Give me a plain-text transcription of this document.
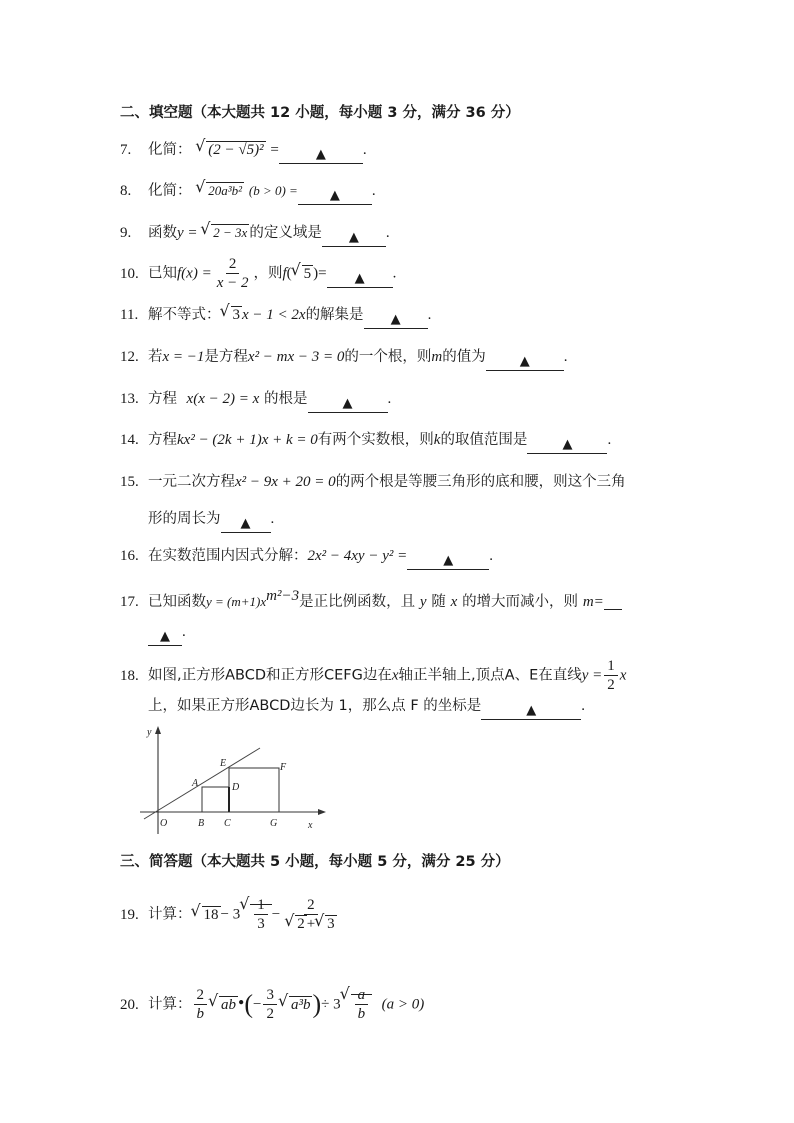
二、填空题（本大题共 12 小题，每小题 3 分，满分 36 分）
7. 化简： √ (2 − √5)² =	▲ .
8. 化简： √ 20a³b² (b > 0) = ▲ .
9. 函数y = √ 2 − 3x 的定义域是 ▲ .
10. 已知$f(x) = \frac{2}{x - 2}$ ，则f( √ 5 )= ▲ .
11. 解不等式： √ 3 x − 1 < 2x的解集是 ▲ .
12. 若x = −1是方程x² − mx − 3 = 0的一个根，则m的值为	▲ .
13. 方程 x(x − 2) = x 的根是	▲ .
14. 方程kx² − (2k + 1)x + k = 0有两个实数根，则k的取值范围是	▲ .
15. 一元二次方程x² − 9x + 20 = 0的两个根是等腰三角形的底和腰，则这个三角
形的周长为 ▲ .
16. 在实数范围内因式分解：2x² − 4xy − y² =	▲ .
17. 已知函数$y = (m+1)x^{m^2-3}$是正比例函数，且 y 随 x 的增大而减小，则 m=
▲ .
18. 如图,正方形ABCD和正方形CEFG边在x轴正半轴上,顶点A、E在直线$y = \frac{1}{2}$ x
上，如果正方形ABCD边长为 1，那么点 F 的坐标是	▲	.
y
x
O
A
B C
D
E	F
G
三、简答题（本大题共 5 小题，每小题 5 分，满分 25 分）
19. 计算： √ 18 − 3 √ $\frac{1}{3} - 2$
√ 2 + √ 3
20. 计算： $\frac{2}{b}$ √ ab •(− $\frac{3}{2}$ √ a³b)÷ 3 √ $\frac{a}{b} (a > 0)$
